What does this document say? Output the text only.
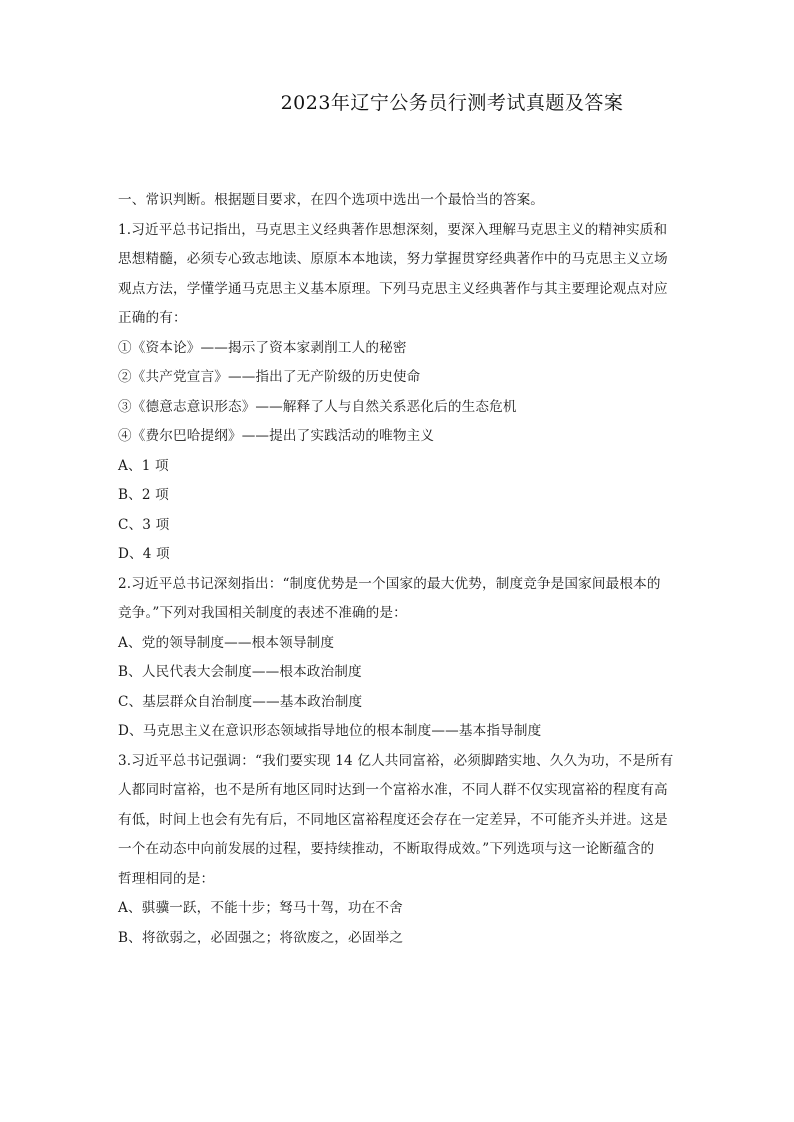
2023年辽宁公务员行测考试真题及答案
一、常识判断。根据题目要求，在四个选项中选出一个最恰当的答案。
1.习近平总书记指出，马克思主义经典著作思想深刻，要深入理解马克思主义的精神实质和
思想精髓，必须专心致志地读、原原本本地读，努力掌握贯穿经典著作中的马克思主义立场
观点方法，学懂学通马克思主义基本原理。下列马克思主义经典著作与其主要理论观点对应
正确的有：
①《资本论》——揭示了资本家剥削工人的秘密
②《共产党宣言》——指出了无产阶级的历史使命
③《德意志意识形态》——解释了人与自然关系恶化后的生态危机
④《费尔巴哈提纲》——提出了实践活动的唯物主义
A、1 项
B、2 项
C、3 项
D、4 项
2.习近平总书记深刻指出：“制度优势是一个国家的最大优势，制度竞争是国家间最根本的
竞争。”下列对我国相关制度的表述不准确的是：
A、党的领导制度——根本领导制度
B、人民代表大会制度——根本政治制度
C、基层群众自治制度——基本政治制度
D、马克思主义在意识形态领域指导地位的根本制度——基本指导制度
3.习近平总书记强调：“我们要实现 14 亿人共同富裕，必须脚踏实地、久久为功，不是所有
人都同时富裕，也不是所有地区同时达到一个富裕水准，不同人群不仅实现富裕的程度有高
有低，时间上也会有先有后，不同地区富裕程度还会存在一定差异，不可能齐头并进。这是
一个在动态中向前发展的过程，要持续推动，不断取得成效。”下列选项与这一论断蕴含的
哲理相同的是：
A、骐骥一跃，不能十步；驽马十驾，功在不舍
B、将欲弱之，必固强之；将欲废之，必固举之
